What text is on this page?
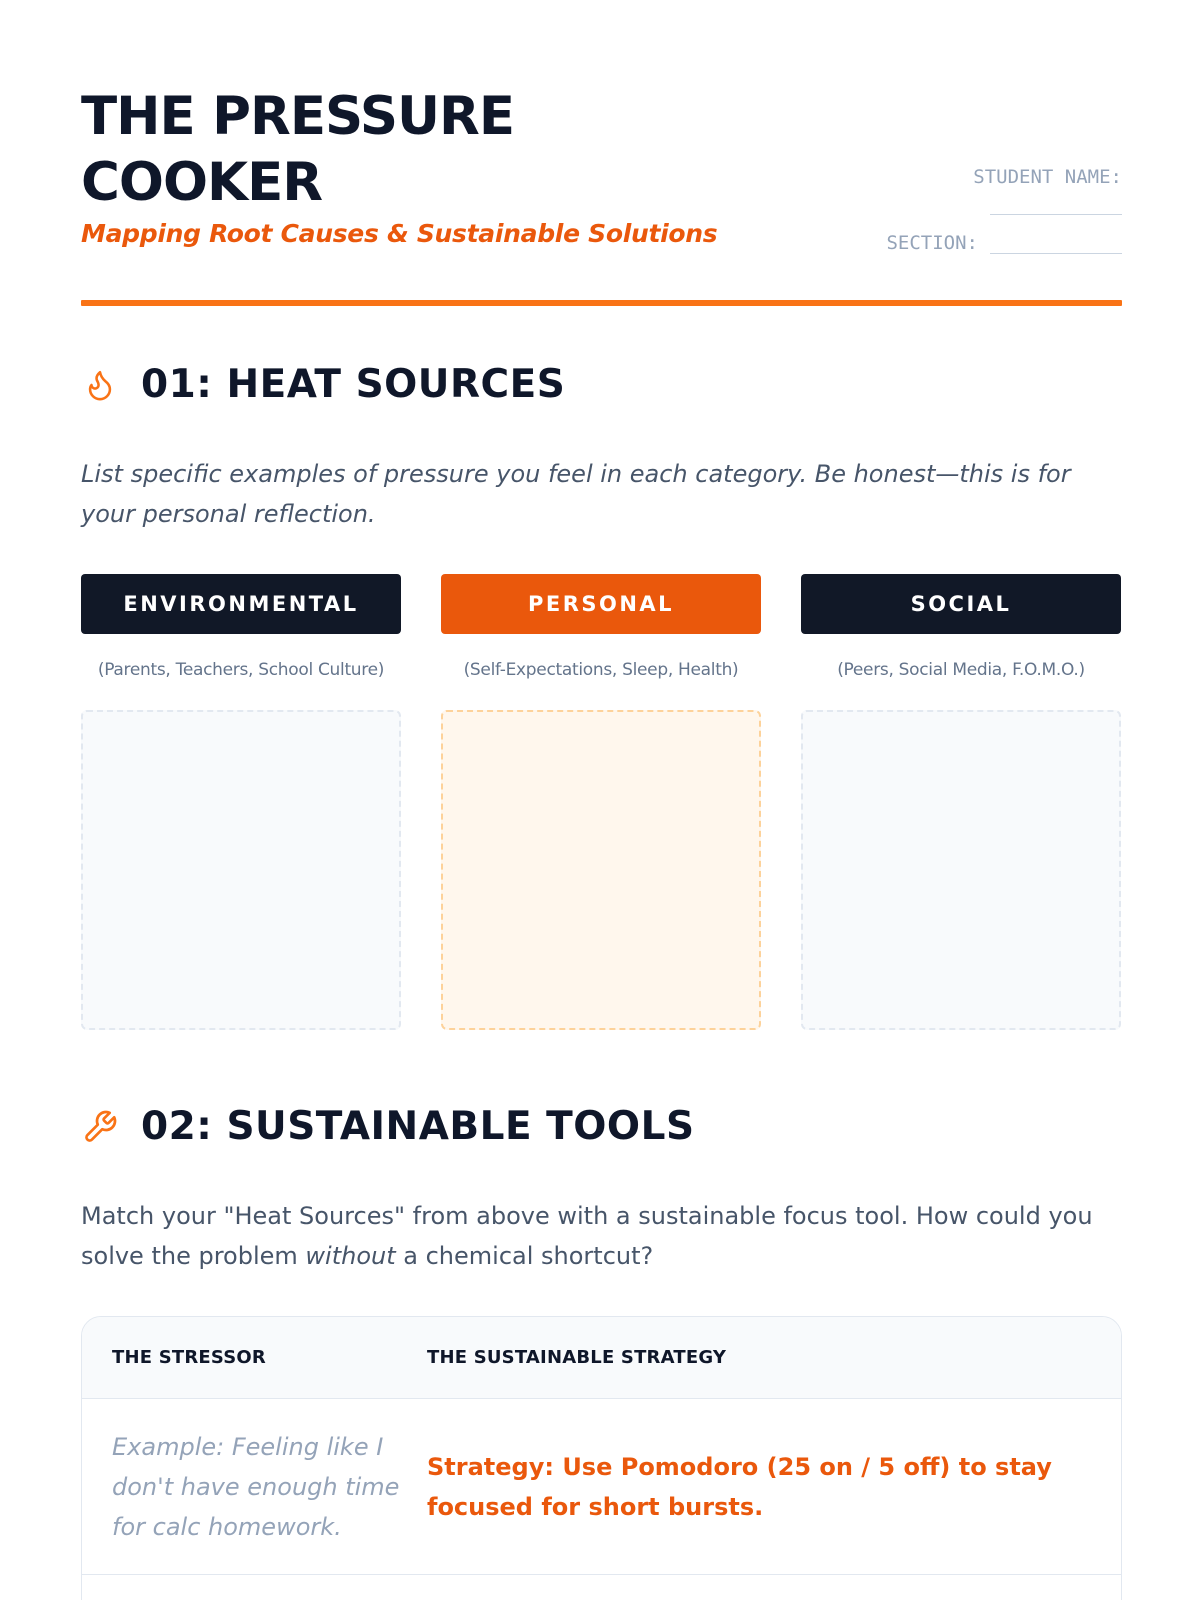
THE PRESSURE
COOKER
Mapping Root Causes & Sustainable Solutions
STUDENT NAME:
SECTION:
01: HEAT SOURCES

List specific examples of pressure you feel in each category. Be honest—this is for your personal reflection.

ENVIRONMENTAL
(Parents, Teachers, School Culture)
PERSONAL
(Self-Expectations, Sleep, Health)
SOCIAL
(Peers, Social Media, F.O.M.O.)
02: SUSTAINABLE TOOLS

Match your "Heat Sources" from above with a sustainable focus tool. How could you solve the problem without a chemical shortcut?

THE STRESSOR	THE SUSTAINABLE STRATEGY
Example: Feeling like I don't have enough time for calc homework.
Strategy: Use Pomodoro (25 on / 5 off) to stay focused for short bursts.
